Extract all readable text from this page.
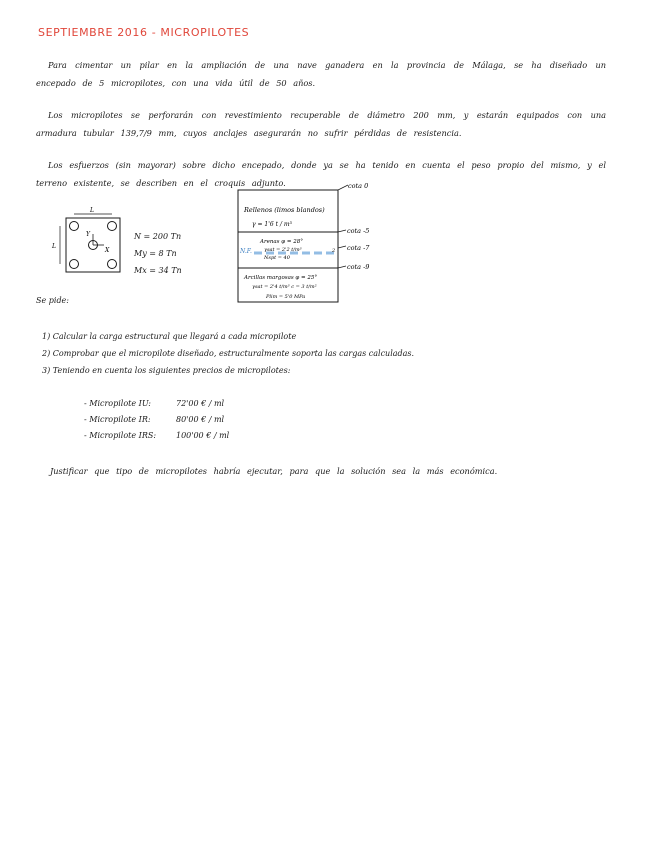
SEPTIEMBRE 2016 - MICROPILOTES
Para cimentar un pilar en la ampliación de una nave ganadera en la provincia de Málaga, se ha diseñado un encepado de 5 micropilotes, con una vida útil de 50 años.
Los micropilotes se perforarán con revestimiento recuperable de diámetro 200 mm, y estarán equipados con una armadura tubular 139,7/9 mm, cuyos anclajes asegurarán no sufrir pérdidas de resistencia.
Los esfuerzos (sin mayorar) sobre dicho encepado, donde ya se ha tenido en cuenta el peso propio del mismo, y el terreno existente, se describen en el croquis adjunto.
L
L
Y
X
N = 200 Tn
My = 8 Tn
Mx = 34 Tn
cota 0
cota -5
cota -7
cota -9
N.F.	2
Rellenos (limos blandos)
γ = 1'6 t / m³
Arenas φ = 28°
γsat = 2'2 t/m³
Nspt = 40
Arcillas margosas φ = 25°
γsat = 2'4 t/m³ c = 3 t/m²
Plim = 5'0 MPa
Se pide:
1) Calcular la carga estructural que llegará a cada micropilote
2) Comprobar que el micropilote diseñado, estructuralmente soporta las cargas calculadas.
3) Teniendo en cuenta los siguientes precios de micropilotes:
- Micropilote IU:	72'00 € / ml
- Micropilote IR:	80'00 € / ml
- Micropilote IRS: 100'00 € / ml
Justificar que tipo de micropilotes habría ejecutar, para que la solución sea la más económica.
